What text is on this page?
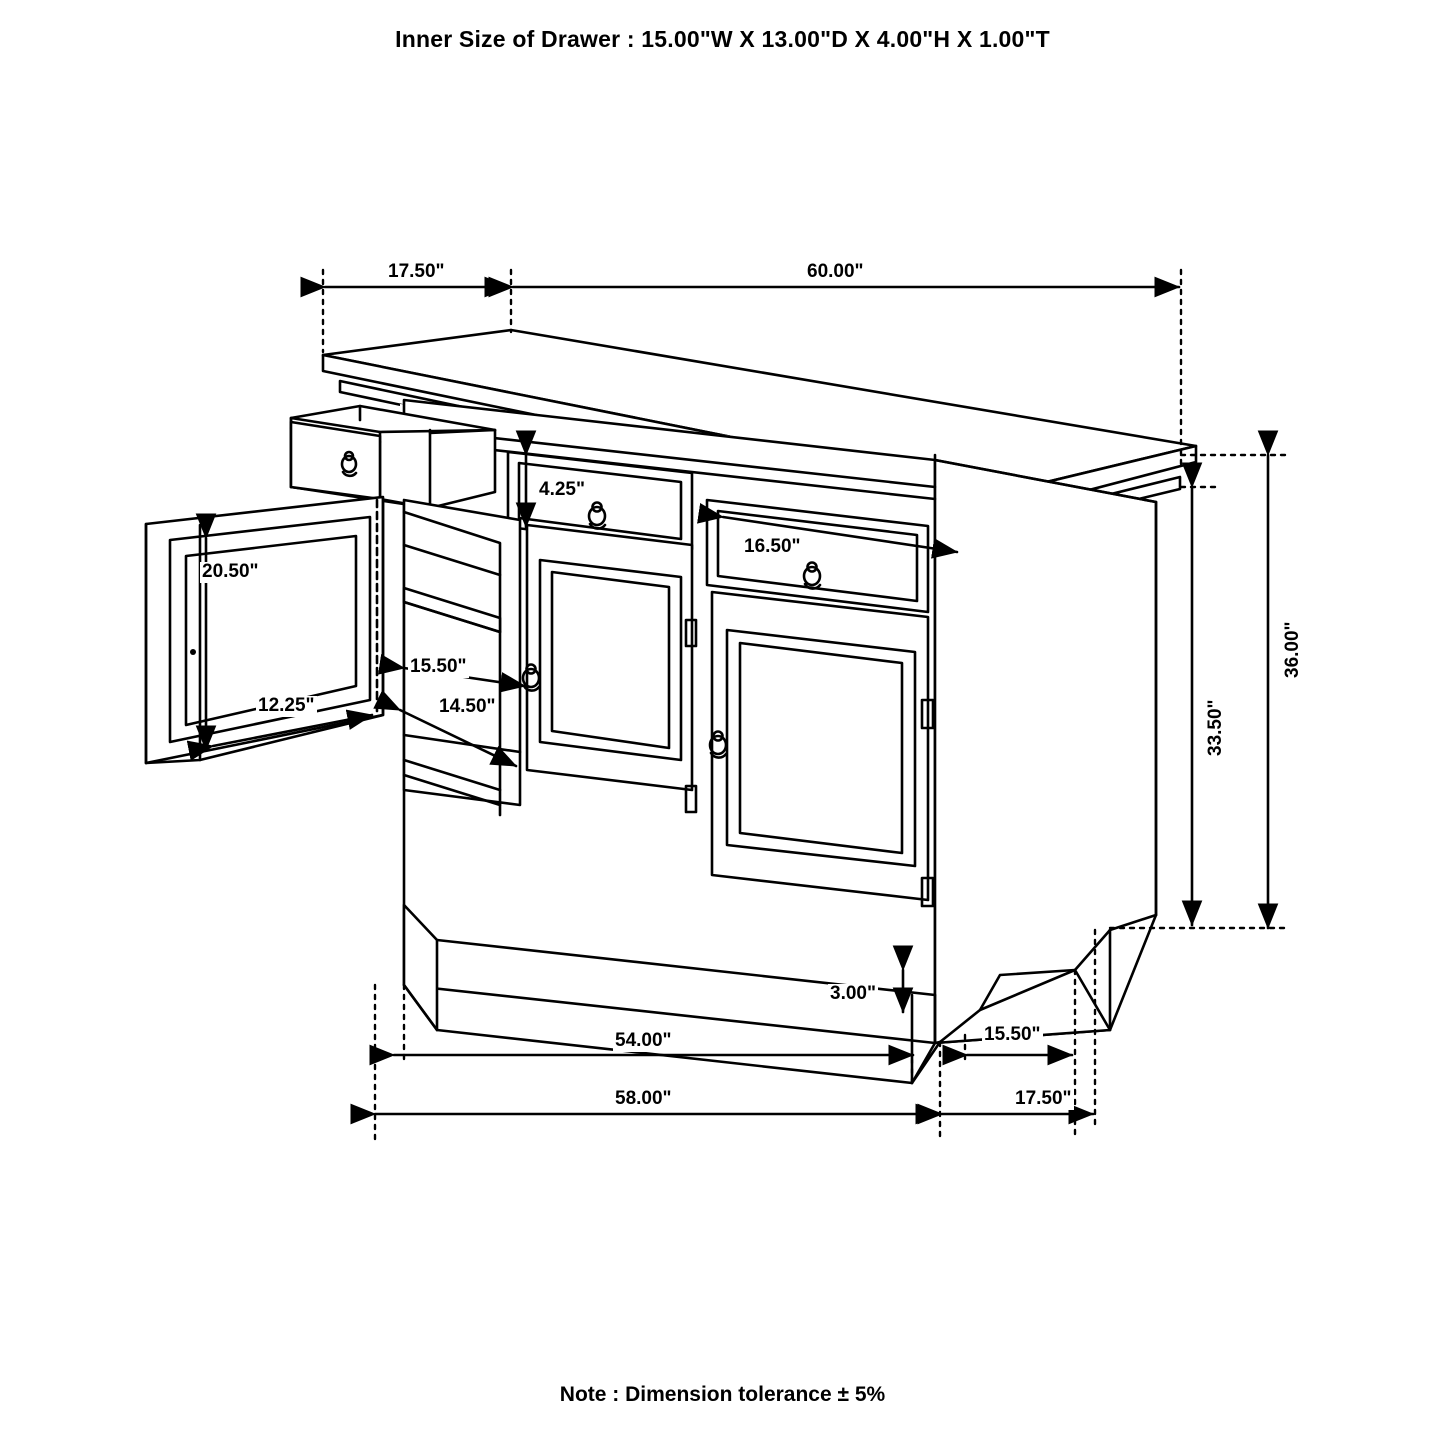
Inner Size of Drawer : 15.00"W X 13.00"D X 4.00"H X 1.00"T
17.50"	60.00"
4.25"
16.50"
20.50"
12.25"
15.50"
14.50"
36.00"
33.50"
3.00"
54.00"
58.00"
15.50"
17.50"
Note : Dimension tolerance ± 5%
